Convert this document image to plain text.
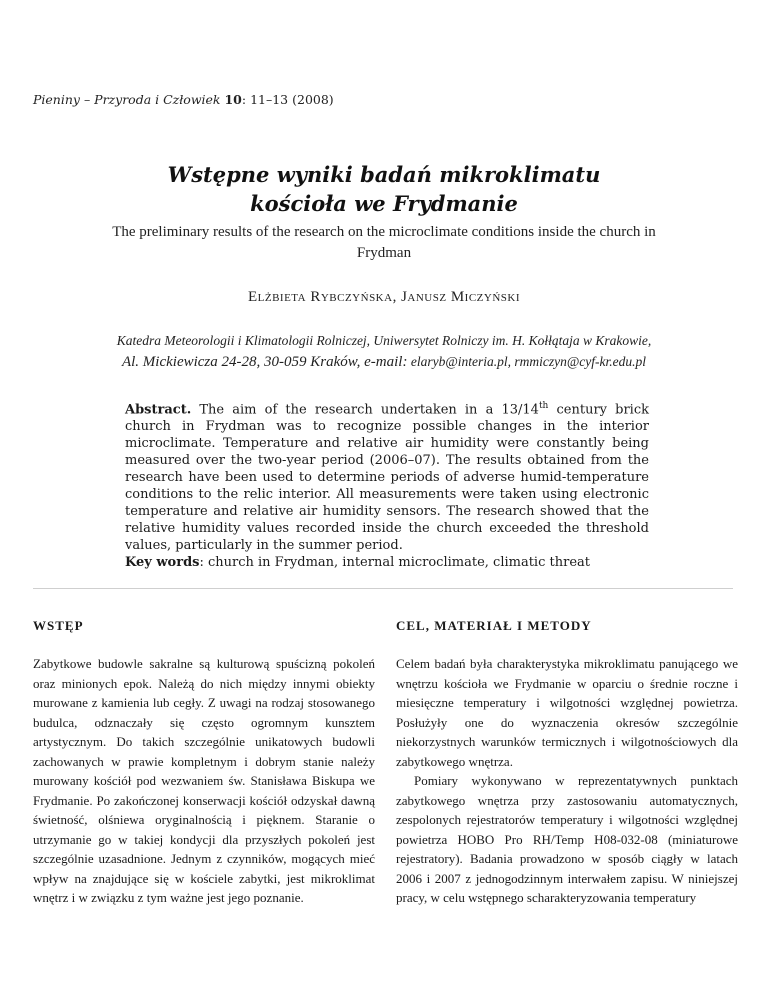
Pieniny – Przyroda i Człowiek 10: 11–13 (2008)
Wstępne wyniki badań mikroklimatu
kościoła we Frydmanie
The preliminary results of the research on the microclimate conditions inside the church in Frydman
Elżbieta Rybczyńska, Janusz Miczyński
Katedra Meteorologii i Klimatologii Rolniczej, Uniwersytet Rolniczy im. H. Kołłątaja w Krakowie,
Al. Mickiewicza 24-28, 30-059 Kraków, e-mail: elaryb@interia.pl, rmmiczyn@cyf-kr.edu.pl
Abstract. The aim of the research undertaken in a 13/14th century brick church in Frydman was to recognize possible changes in the interior microclimate. Temperature and relative air humidity were constantly being measured over the two-year period (2006–07). The results obtained from the research have been used to determine periods of adverse humid-temperature conditions to the relic interior. All measurements were taken using electronic temperature and relative air humidity sensors. The research showed that the relative humidity values recorded inside the church exceeded the threshold values, particularly in the summer period.
Key words: church in Frydman, internal microclimate, climatic threat
WSTĘP

Zabytkowe budowle sakralne są kulturową spuścizną pokoleń oraz minionych epok. Należą do nich między innymi obiekty murowane z kamienia lub cegły. Z uwagi na rodzaj stosowanego budulca, odznaczały się często ogromnym kunsztem artystycznym. Do takich szczególnie unikatowych budowli zachowanych w prawie kompletnym i dobrym stanie należy murowany kościół pod wezwaniem św. Stanisława Biskupa we Frydmanie. Po zakończonej konserwacji kościół odzyskał dawną świetność, olśniewa oryginalnością i pięknem. Staranie o utrzymanie go w takiej kondycji dla przyszłych pokoleń jest szczególnie uzasadnione. Jednym z czynników, mogących mieć wpływ na znajdujące się w kościele zabytki, jest mikroklimat wnętrz i w związku z tym ważne jest jego poznanie.

CEL, MATERIAŁ I METODY

Celem badań była charakterystyka mikroklimatu panującego we wnętrzu kościoła we Frydmanie w oparciu o średnie roczne i miesięczne temperatury i wilgotności względnej powietrza. Posłużyły one do wyznaczenia okresów szczególnie niekorzystnych warunków termicznych i wilgotnościowych dla zabytkowego wnętrza.

Pomiary wykonywano w reprezentatywnych punktach zabytkowego wnętrza przy zastosowaniu automatycznych, zespolonych rejestratorów temperatury i wilgotności względnej powietrza HOBO Pro RH/Temp H08-032-08 (miniaturowe rejestratory). Badania prowadzono w sposób ciągły w latach 2006 i 2007 z jednogodzinnym interwałem zapisu. W niniejszej pracy, w celu wstępnego scharakteryzowania temperatury
